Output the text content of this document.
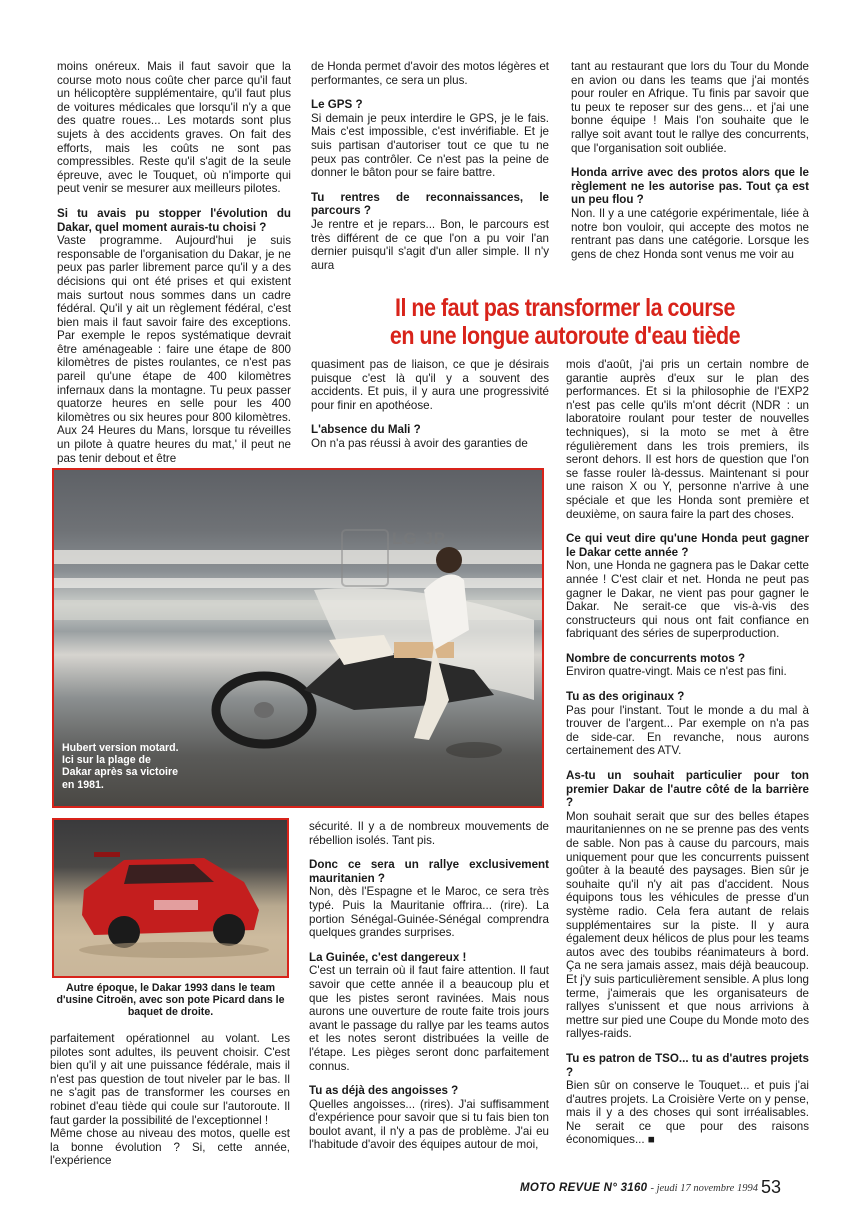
moins onéreux. Mais il faut savoir que la course moto nous coûte cher parce qu'il faut un hélicoptère supplémentaire, qu'il faut plus de voitures médicales que lorsqu'il n'y a que des quatre roues... Les motards sont plus sujets à des accidents graves. On fait des efforts, mais les coûts ne sont pas compressibles. Reste qu'il s'agit de la seule épreuve, avec le Touquet, où n'importe qui peut venir se mesurer aux meilleurs pilotes.

Si tu avais pu stopper l'évolution du Dakar, quel moment aurais-tu choisi ?

Vaste programme. Aujourd'hui je suis responsable de l'organisation du Dakar, je ne peux pas parler librement parce qu'il y a des décisions qui ont été prises et qui existent mais surtout nous sommes dans un cadre fédéral. Qu'il y ait un règlement fédéral, c'est bien mais il faut savoir faire des exceptions. Par exemple le repos systématique devrait être aménageable : faire une étape de 800 kilomètres de pistes roulantes, ce n'est pas pareil qu'une étape de 400 kilomètres infernaux dans la montagne. Tu peux passer quatorze heures en selle pour les 400 kilomètres ou six heures pour 800 kilomètres. Aux 24 Heures du Mans, lorsque tu réveilles un pilote à quatre heures du mat,' il peut ne pas tenir debout et être

de Honda permet d'avoir des motos légères et performantes, ce sera un plus.

Le GPS ?

Si demain je peux interdire le GPS, je le fais. Mais c'est impossible, c'est invérifiable. Et je suis partisan d'autoriser tout ce que tu ne peux pas contrôler. Ce n'est pas la peine de donner le bâton pour se faire battre.

Tu rentres de reconnaissances, le parcours ?

Je rentre et je repars... Bon, le parcours est très différent de ce que l'on a pu voir l'an dernier puisqu'il s'agit d'un aller simple. Il n'y aura

tant au restaurant que lors du Tour du Monde en avion ou dans les teams que j'ai montés pour rouler en Afrique. Tu finis par savoir que tu peux te reposer sur des gens... et j'ai une bonne équipe ! Mais l'on souhaite que le rallye soit avant tout le rallye des concurrents, que l'organisation soit oubliée.

Honda arrive avec des protos alors que le règlement ne les autorise pas. Tout ça est un peu flou ?

Non. Il y a une catégorie expérimentale, liée à notre bon vouloir, qui accepte des motos ne rentrant pas dans une catégorie. Lorsque les gens de chez Honda sont venus me voir au

Il ne faut pas transformer la course
en une longue autoroute d'eau tiède

quasiment pas de liaison, ce que je désirais puisque c'est là qu'il y a souvent des accidents. Et puis, il y aura une progressivité pour finir en apothéose.

L'absence du Mali ?

On n'a pas réussi à avoir des garanties de

mois d'août, j'ai pris un certain nombre de garantie auprès d'eux sur le plan des performances. Et si la philosophie de l'EXP2 n'est pas celle qu'ils m'ont décrit (NDR : un laboratoire roulant pour tester de nouvelles techniques), si la moto se met à être régulièrement dans les trois premiers, ils seront dehors. Il est hors de question que l'on se fasse rouler là-dessus. Maintenant si pour une raison X ou Y, personne n'arrive à une spéciale et que les Honda sont première et deuxième, on saura faire la part des choses.

Ce qui veut dire qu'une Honda peut gagner le Dakar cette année ?

Non, une Honda ne gagnera pas le Dakar cette année ! C'est clair et net. Honda ne peut pas gagner le Dakar, ne vient pas pour gagner le Dakar. Ne serait-ce que vis-à-vis des constructeurs qui nous ont fait confiance en fabriquant des séries de superproduction.

Nombre de concurrents motos ?

Environ quatre-vingt. Mais ce n'est pas fini.

Tu as des originaux ?

Pas pour l'instant. Tout le monde a du mal à trouver de l'argent... Par exemple on n'a pas de side-car. En revanche, nous aurons certainement des ATV.

As-tu un souhait particulier pour ton premier Dakar de l'autre côté de la barrière ?

Mon souhait serait que sur des belles étapes mauritaniennes on ne se prenne pas des vents de sable. Non pas à cause du parcours, mais uniquement pour que les concurrents puissent goûter à la beauté des paysages. Bien sûr je souhaite qu'il n'y ait pas d'accident. Nous équipons tous les véhicules de presse d'un système radio. Cela fera autant de relais supplémentaires sur la piste. Il y aura également deux hélicos de plus pour les teams autos avec des toubibs réanimateurs à bord. Ça ne sera jamais assez, mais déjà beaucoup. Et j'y suis particulièrement sensible. A plus long terme, j'aimerais que les organisateurs de rallyes s'unissent et que nous arrivions à mettre sur pied une Coupe du Monde moto des rallyes-raids.

Tu es patron de TSO... tu as d'autres projets ?

Bien sûr on conserve le Touquet... et puis j'ai d'autres projets. La Croisière Verte on y pense, mais il y a des choses qui sont irréalisables. Ne serait ce que pour des raisons économiques... ■

LG JP
Hubert version motard. Ici sur la plage de Dakar après sa victoire en 1981.
Autre époque, le Dakar 1993 dans le team d'usine Citroën, avec son pote Picard dans le baquet de droite.

sécurité. Il y a de nombreux mouvements de rébellion isolés. Tant pis.

Donc ce sera un rallye exclusivement mauritanien ?

Non, dès l'Espagne et le Maroc, ce sera très typé. Puis la Mauritanie offrira... (rire). La portion Sénégal-Guinée-Sénégal comprendra quelques grandes surprises.

La Guinée, c'est dangereux !

C'est un terrain où il faut faire attention. Il faut savoir que cette année il a beaucoup plu et que les pistes seront ravinées. Mais nous aurons une ouverture de route faite trois jours avant le passage du rallye par les teams autos et les notes seront distribuées la veille de l'étape. Les pièges seront donc parfaitement connus.

Tu as déjà des angoisses ?

Quelles angoisses... (rires). J'ai suffisamment d'expérience pour savoir que si tu fais bien ton boulot avant, il n'y a pas de problème. J'ai eu l'habitude d'avoir des équipes autour de moi,

parfaitement opérationnel au volant. Les pilotes sont adultes, ils peuvent choisir. C'est bien qu'il y ait une puissance fédérale, mais il n'est pas question de tout niveler par le bas. Il ne s'agit pas de transformer les courses en robinet d'eau tiède qui coule sur l'autoroute. Il faut garder la possibilité de l'exceptionnel !

Même chose au niveau des motos, quelle est la bonne évolution ? Si, cette année, l'expérience

MOTO REVUE N° 3160 - jeudi 17 novembre 1994 53
